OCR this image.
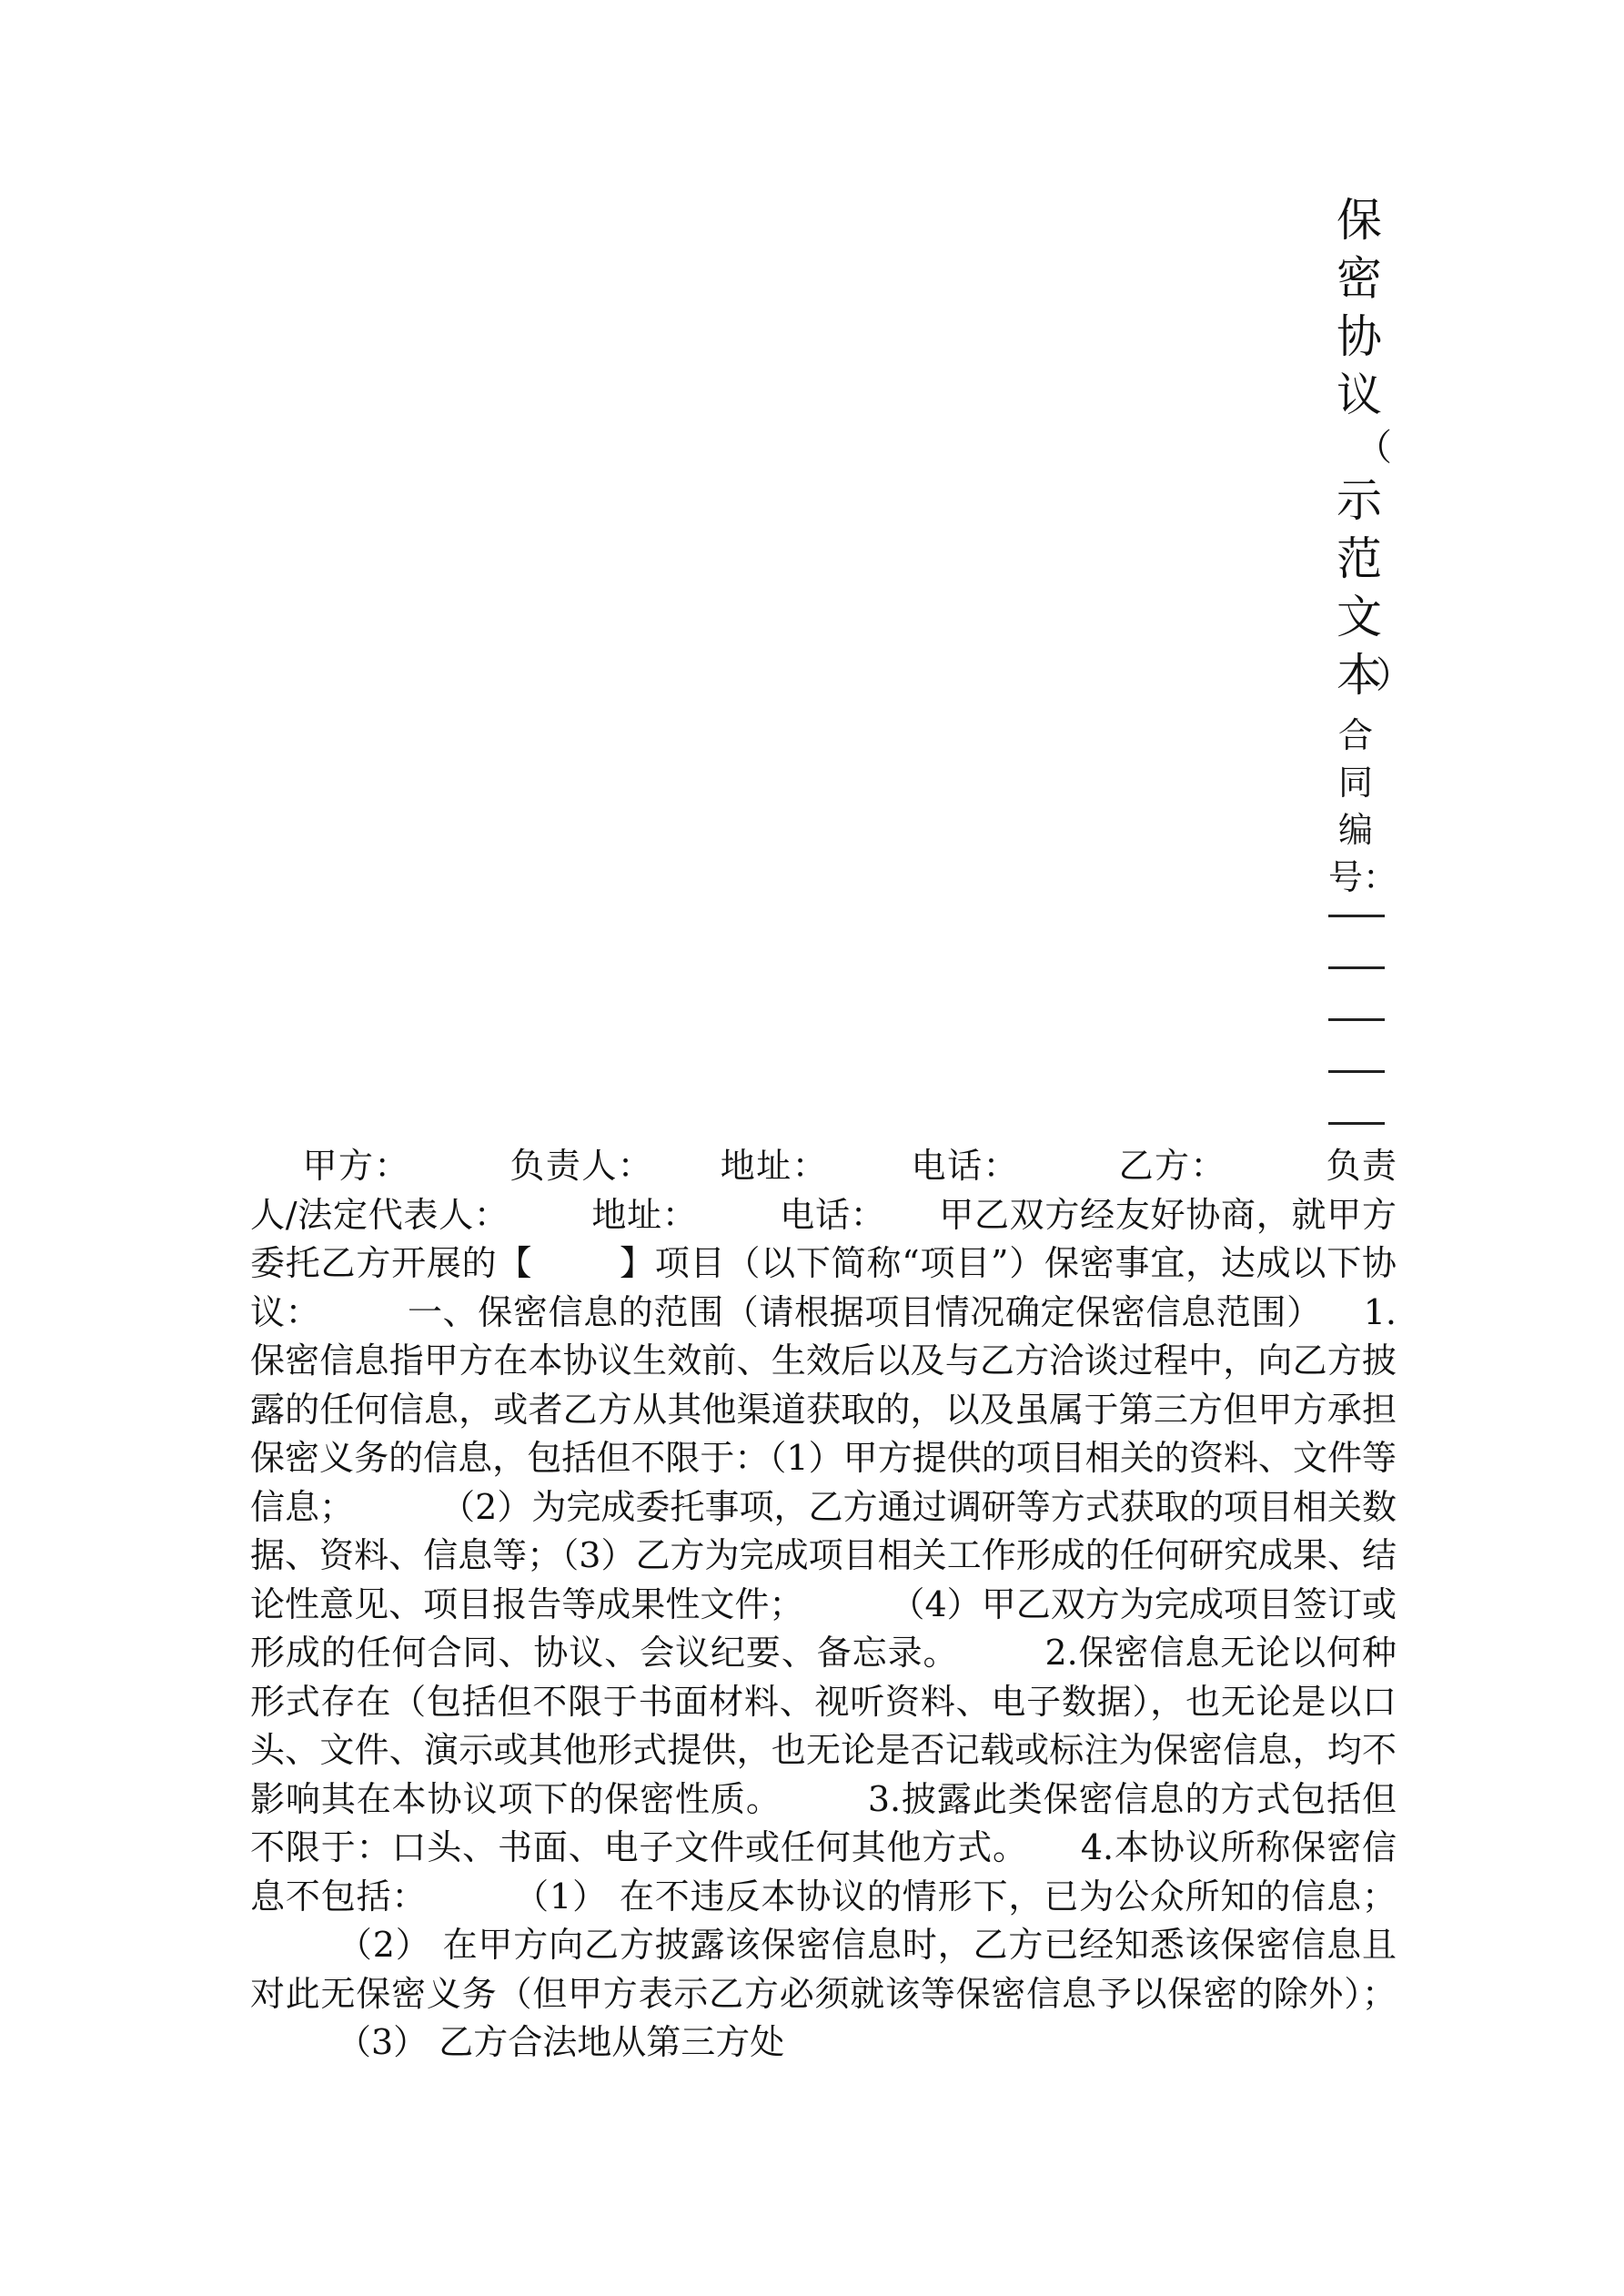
保
密
协
议
（
示
范
文
本
）
合
同
编
号：
甲方：	负责人： 地址： 电话：	乙方：	负责人/法定代表人： 地址： 电话： 甲乙双方经友好协商，就甲方委托乙方开展的【	】项目（以下简称“项目”）保密事宜，达成以下协议：	一、保密信息的范围（请根据项目情况确定保密信息范围） 1.保密信息指甲方在本协议生效前、生效后以及与乙方洽谈过程中，向乙方披露的任何信息，或者乙方从其他渠道获取的，以及虽属于第三方但甲方承担保密义务的信息，包括但不限于：（1）甲方提供的项目相关的资料、文件等信息；	（2）为完成委托事项，乙方通过调研等方式获取的项目相关数据、资料、信息等；（3）乙方为完成项目相关工作形成的任何研究成果、结论性意见、项目报告等成果性文件；	（4）甲乙双方为完成项目签订或形成的任何合同、协议、会议纪要、备忘录。	2.保密信息无论以何种形式存在（包括但不限于书面材料、视听资料、电子数据），也无论是以口头、文件、演示或其他形式提供，也无论是否记载或标注为保密信息，均不影响其在本协议项下的保密性质。	3.披露此类保密信息的方式包括但不限于：口头、书面、电子文件或任何其他方式。 4.本协议所称保密信息不包括：	（1） 在不违反本协议的情形下，已为公众所知的信息；（2） 在甲方向乙方披露该保密信息时，乙方已经知悉该保密信息且对此无保密义务（但甲方表示乙方必须就该等保密信息予以保密的除外）；（3） 乙方合法地从第三方处
